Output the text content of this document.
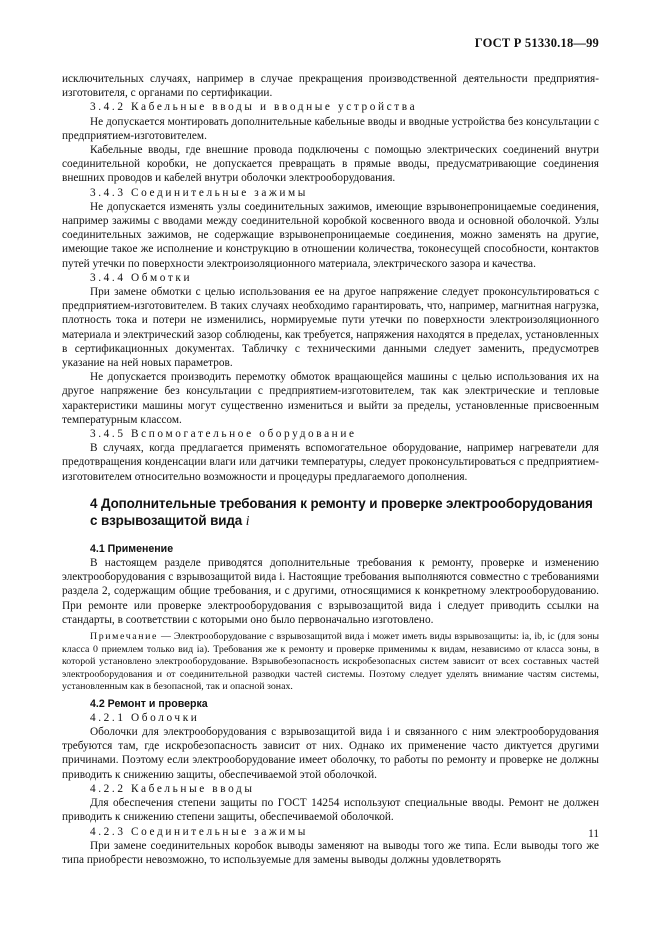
ГОСТ Р 51330.18—99

исключительных случаях, например в случае прекращения производственной деятельности предприятия-изготовителя, с органами по сертификации.

3.4.2 Кабельные вводы и вводные устройства

Не допускается монтировать дополнительные кабельные вводы и вводные устройства без консультации с предприятием-изготовителем.

Кабельные вводы, где внешние провода подключены с помощью электрических соединений внутри соединительной коробки, не допускается превращать в прямые вводы, предусматривающие соединения внешних проводов и кабелей внутри оболочки электрооборудования.

3.4.3 Соединительные зажимы

Не допускается изменять узлы соединительных зажимов, имеющие взрывонепроницаемые соединения, например зажимы с вводами между соединительной коробкой косвенного ввода и основной оболочкой. Узлы соединительных зажимов, не содержащие взрывонепроницаемые соединения, можно заменять на другие, имеющие такое же исполнение и конструкцию в отношении количества, токонесущей способности, контактов путей утечки по поверхности электроизоляционного материала, электрического зазора и качества.

3.4.4 Обмотки

При замене обмотки с целью использования ее на другое напряжение следует проконсультироваться с предприятием-изготовителем. В таких случаях необходимо гарантировать, что, например, магнитная нагрузка, плотность тока и потери не изменились, нормируемые пути утечки по поверхности электроизоляционного материала и электрический зазор соблюдены, как требуется, напряжения находятся в пределах, установленных в сертификационных документах. Табличку с техническими данными следует заменить, предусмотрев указание на ней новых параметров.

Не допускается производить перемотку обмоток вращающейся машины с целью использования их на другое напряжение без консультации с предприятием-изготовителем, так как электрические и тепловые характеристики машины могут существенно измениться и выйти за пределы, установленные присвоенным температурным классом.

3.4.5 Вспомогательное оборудование

В случаях, когда предлагается применять вспомогательное оборудование, например нагреватели для предотвращения конденсации влаги или датчики температуры, следует проконсультироваться с предприятием-изготовителем относительно возможности и процедуры предлагаемого дополнения.

4 Дополнительные требования к ремонту и проверке электрооборудования с взрывозащитой вида i
4.1 Применение

В настоящем разделе приводятся дополнительные требования к ремонту, проверке и изменению электрооборудования с взрывозащитой вида i. Настоящие требования выполняются совместно с требованиями раздела 2, содержащим общие требования, и с другими, относящимися к конкретному электрооборудованию. При ремонте или проверке электрооборудования с взрывозащитой вида i следует приводить ссылки на стандарты, в соответствии с которыми оно было первоначально изготовлено.

Примечание — Электрооборудование с взрывозащитой вида i может иметь виды взрывозащиты: iа, ib, ic (для зоны класса 0 приемлем только вид iа). Требования же к ремонту и проверке применимы к видам, независимо от класса зоны, в которой установлено электрооборудование. Взрывобезопасность искробезопасных систем зависит от всех составных частей электрооборудования и от соединительной разводки частей системы. Поэтому следует уделять внимание частям системы, установленным как в безопасной, так и опасной зонах.

4.2 Ремонт и проверка

4.2.1 Оболочки

Оболочки для электрооборудования с взрывозащитой вида i и связанного с ним электрооборудования требуются там, где искробезопасность зависит от них. Однако их применение часто диктуется другими причинами. Поэтому если электрооборудование имеет оболочку, то работы по ремонту и проверке не должны приводить к снижению защиты, обеспечиваемой этой оболочкой.

4.2.2 Кабельные вводы

Для обеспечения степени защиты по ГОСТ 14254 используют специальные вводы. Ремонт не должен приводить к снижению степени защиты, обеспечиваемой оболочкой.

4.2.3 Соединительные зажимы

При замене соединительных коробок выводы заменяют на выводы того же типа. Если выводы того же типа приобрести невозможно, то используемые для замены выводы должны удовлетворять

11
